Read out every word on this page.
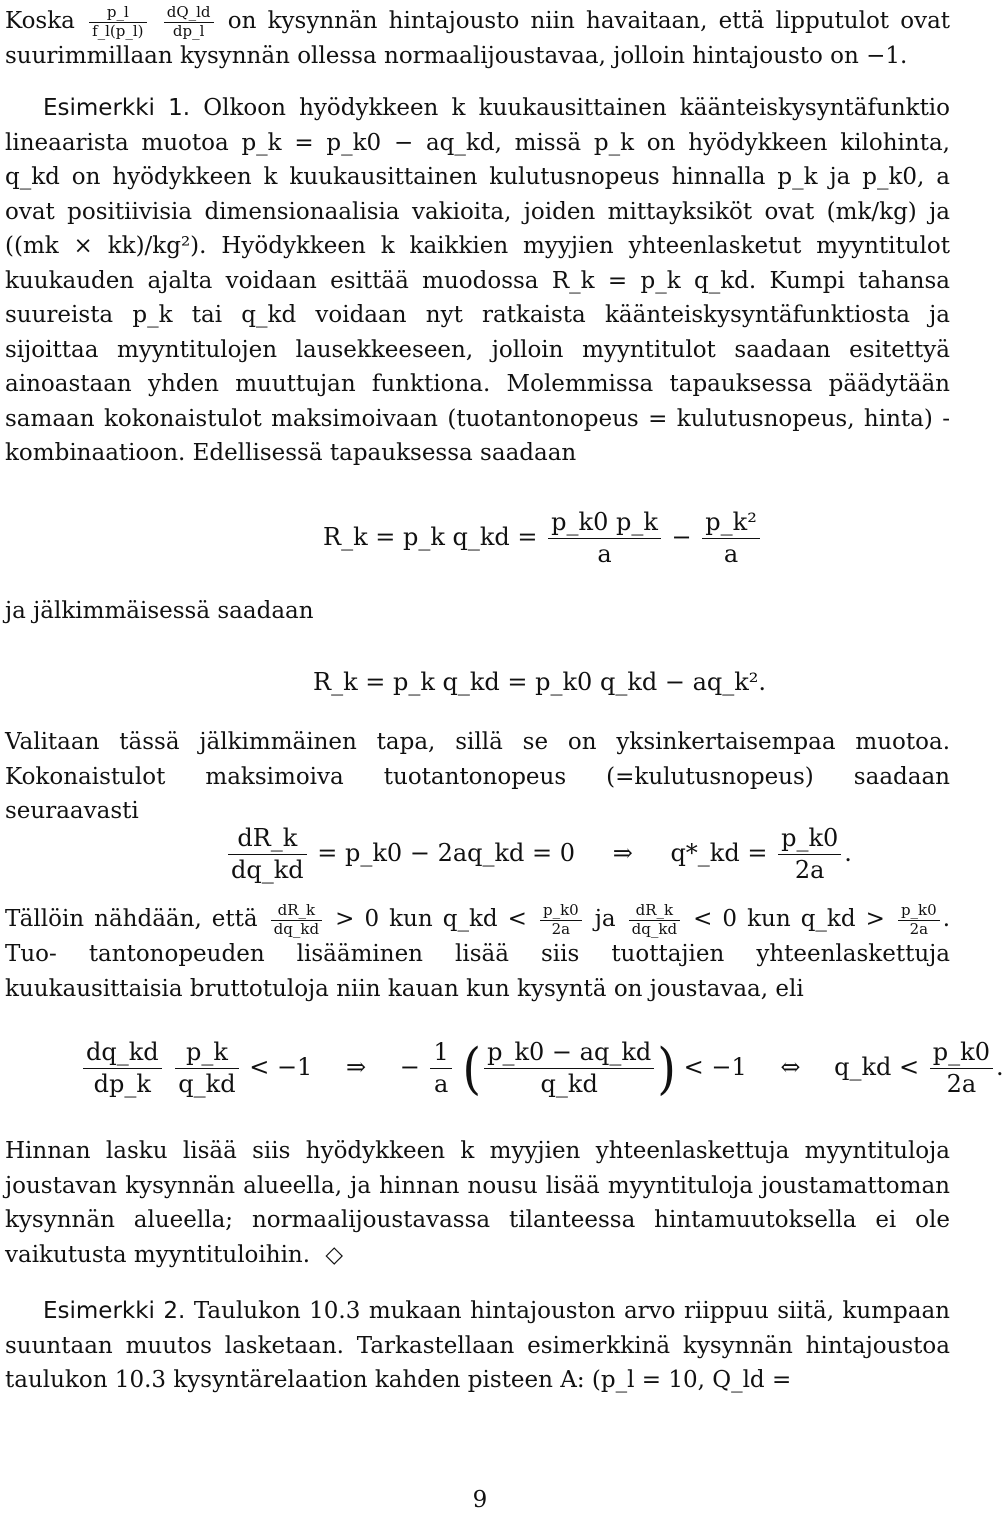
Koska $\frac{p\_l}{f\_l(p\_l)}$
$\frac{dQ\_ld}{dp\_l}$ on kysynnän hintajousto niin havaitaan, että lipputulot ovat suurimmillaan kysynnän ollessa normaalijoustavaa, jolloin hintajousto on −1.
Esimerkki 1. Olkoon hyödykkeen k kuukausittainen käänteiskysyntäfunktio lineaarista muotoa p_k = p_k0 − aq_kd, missä p_k on hyödykkeen kilohinta, q_kd on hyödykkeen k kuukausittainen kulutusnopeus hinnalla p_k ja p_k0, a ovat positiivisia dimensionaalisia vakioita, joiden mittayksiköt ovat (mk/kg) ja ((mk × kk)/kg²). Hyödykkeen k kaikkien myyjien yhteenlasketut myyntitulot kuukauden ajalta voidaan esittää muodossa R_k = p_k q_kd. Kumpi tahansa suureista p_k tai q_kd voidaan nyt ratkaista käänteiskysyntäfunktiosta ja sijoittaa myyntitulojen lausekkeeseen, jolloin myyntitulot saadaan esitettyä ainoastaan yhden muuttujan funktiona. Molemmissa tapauksessa päädytään samaan kokonaistulot maksimoivaan (tuotantonopeus = kulutusnopeus, hinta) -kombinaatioon. Edellisessä tapauksessa saadaan
R_k = p_k q_kd = $\frac{p\_k0 p\_k}{a} - \frac{\text{p\_k²}}{a}$
ja jälkimmäisessä saadaan
R_k = p_k q_kd = p_k0 q_kd − aq_k².
Valitaan tässä jälkimmäinen tapa, sillä se on yksinkertaisempaa muotoa. Kokonaistulot maksimoiva tuotantonopeus (=kulutusnopeus) saadaan seuraavasti
$\frac{dR\_k}{dq\_kd}$ = p_k0 − 2aq_kd = 0 ⇒ q*_kd = $\frac{p\_k0}{2a}$ .
Tällöin nähdään, että $\frac{dR\_k}{dq\_kd} > 0$ kun q_kd < $\frac{p\_k0}{2a}$ ja $\frac{dR\_k}{dq\_kd} < 0$ kun q_kd > $\frac{p\_k0}{2a}$ . Tuo- tantonopeuden lisääminen lisää siis tuottajien yhteenlaskettuja kuukausittaisia bruttotuloja niin kauan kun kysyntä on joustavaa, eli
$\frac{dq\_kd}{dp\_k}$
$\frac{p\_k}{q\_kd} < -1$ ⇒ − $\frac{1}{a}$ ( $\frac{p\_k0 - aq\_kd}{q\_kd}$ ) < −1 ⇔ q_kd < $\frac{p\_k0}{2a}$ .
Hinnan lasku lisää siis hyödykkeen k myyjien yhteenlaskettuja myyntituloja joustavan kysynnän alueella, ja hinnan nousu lisää myyntituloja joustamattoman kysynnän alueella; normaalijoustavassa tilanteessa hintamuutoksella ei ole vaikutusta myyntituloihin. ◇
Esimerkki 2. Taulukon 10.3 mukaan hintajouston arvo riippuu siitä, kumpaan suuntaan muutos lasketaan. Tarkastellaan esimerkkinä kysynnän hintajoustoa taulukon 10.3 kysyntärelaation kahden pisteen A: (p_l = 10, Q_ld =
9
